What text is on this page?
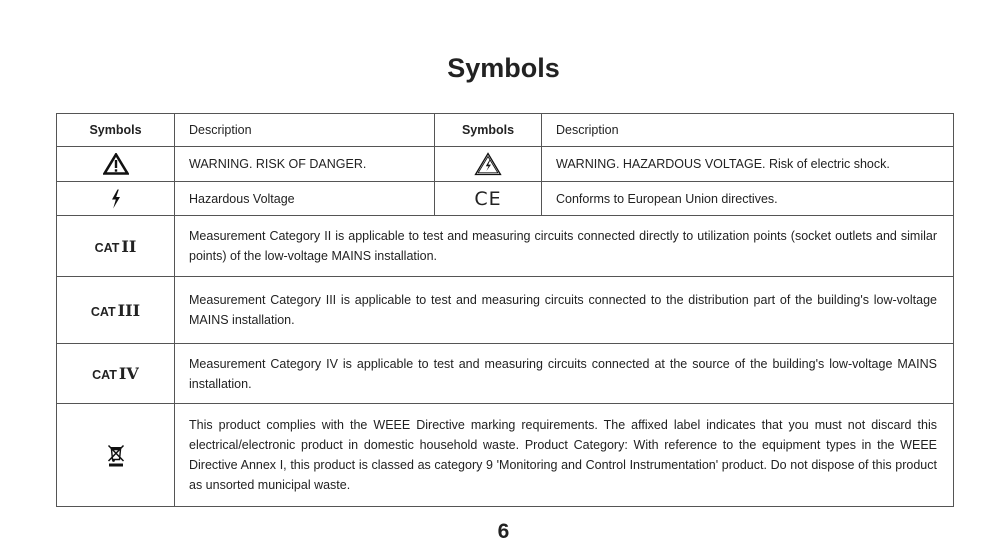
Symbols
Symbols	Description	Symbols	Description
	WARNING. RISK OF DANGER.		WARNING. HAZARDOUS VOLTAGE. Risk of electric shock.
	Hazardous Voltage	CE	Conforms to European Union directives.
CAT II	Measurement Category II is applicable to test and measuring circuits connected directly to utilization points (socket outlets and similar points) of the low-voltage MAINS installation.		
CAT III	Measurement Category III is applicable to test and measuring circuits connected to the distribution part of the building's low-voltage MAINS installation.		
CAT IV	Measurement Category IV is applicable to test and measuring circuits connected at the source of the building's low-voltage MAINS installation.		
	This product complies with the WEEE Directive marking requirements. The affixed label indicates that you must not discard this electrical/electronic product in domestic household waste. Product Category: With reference to the equipment types in the WEEE Directive Annex I, this product is classed as category 9 'Monitoring and Control Instrumentation' product. Do not dispose of this product as unsorted municipal waste.		
6
